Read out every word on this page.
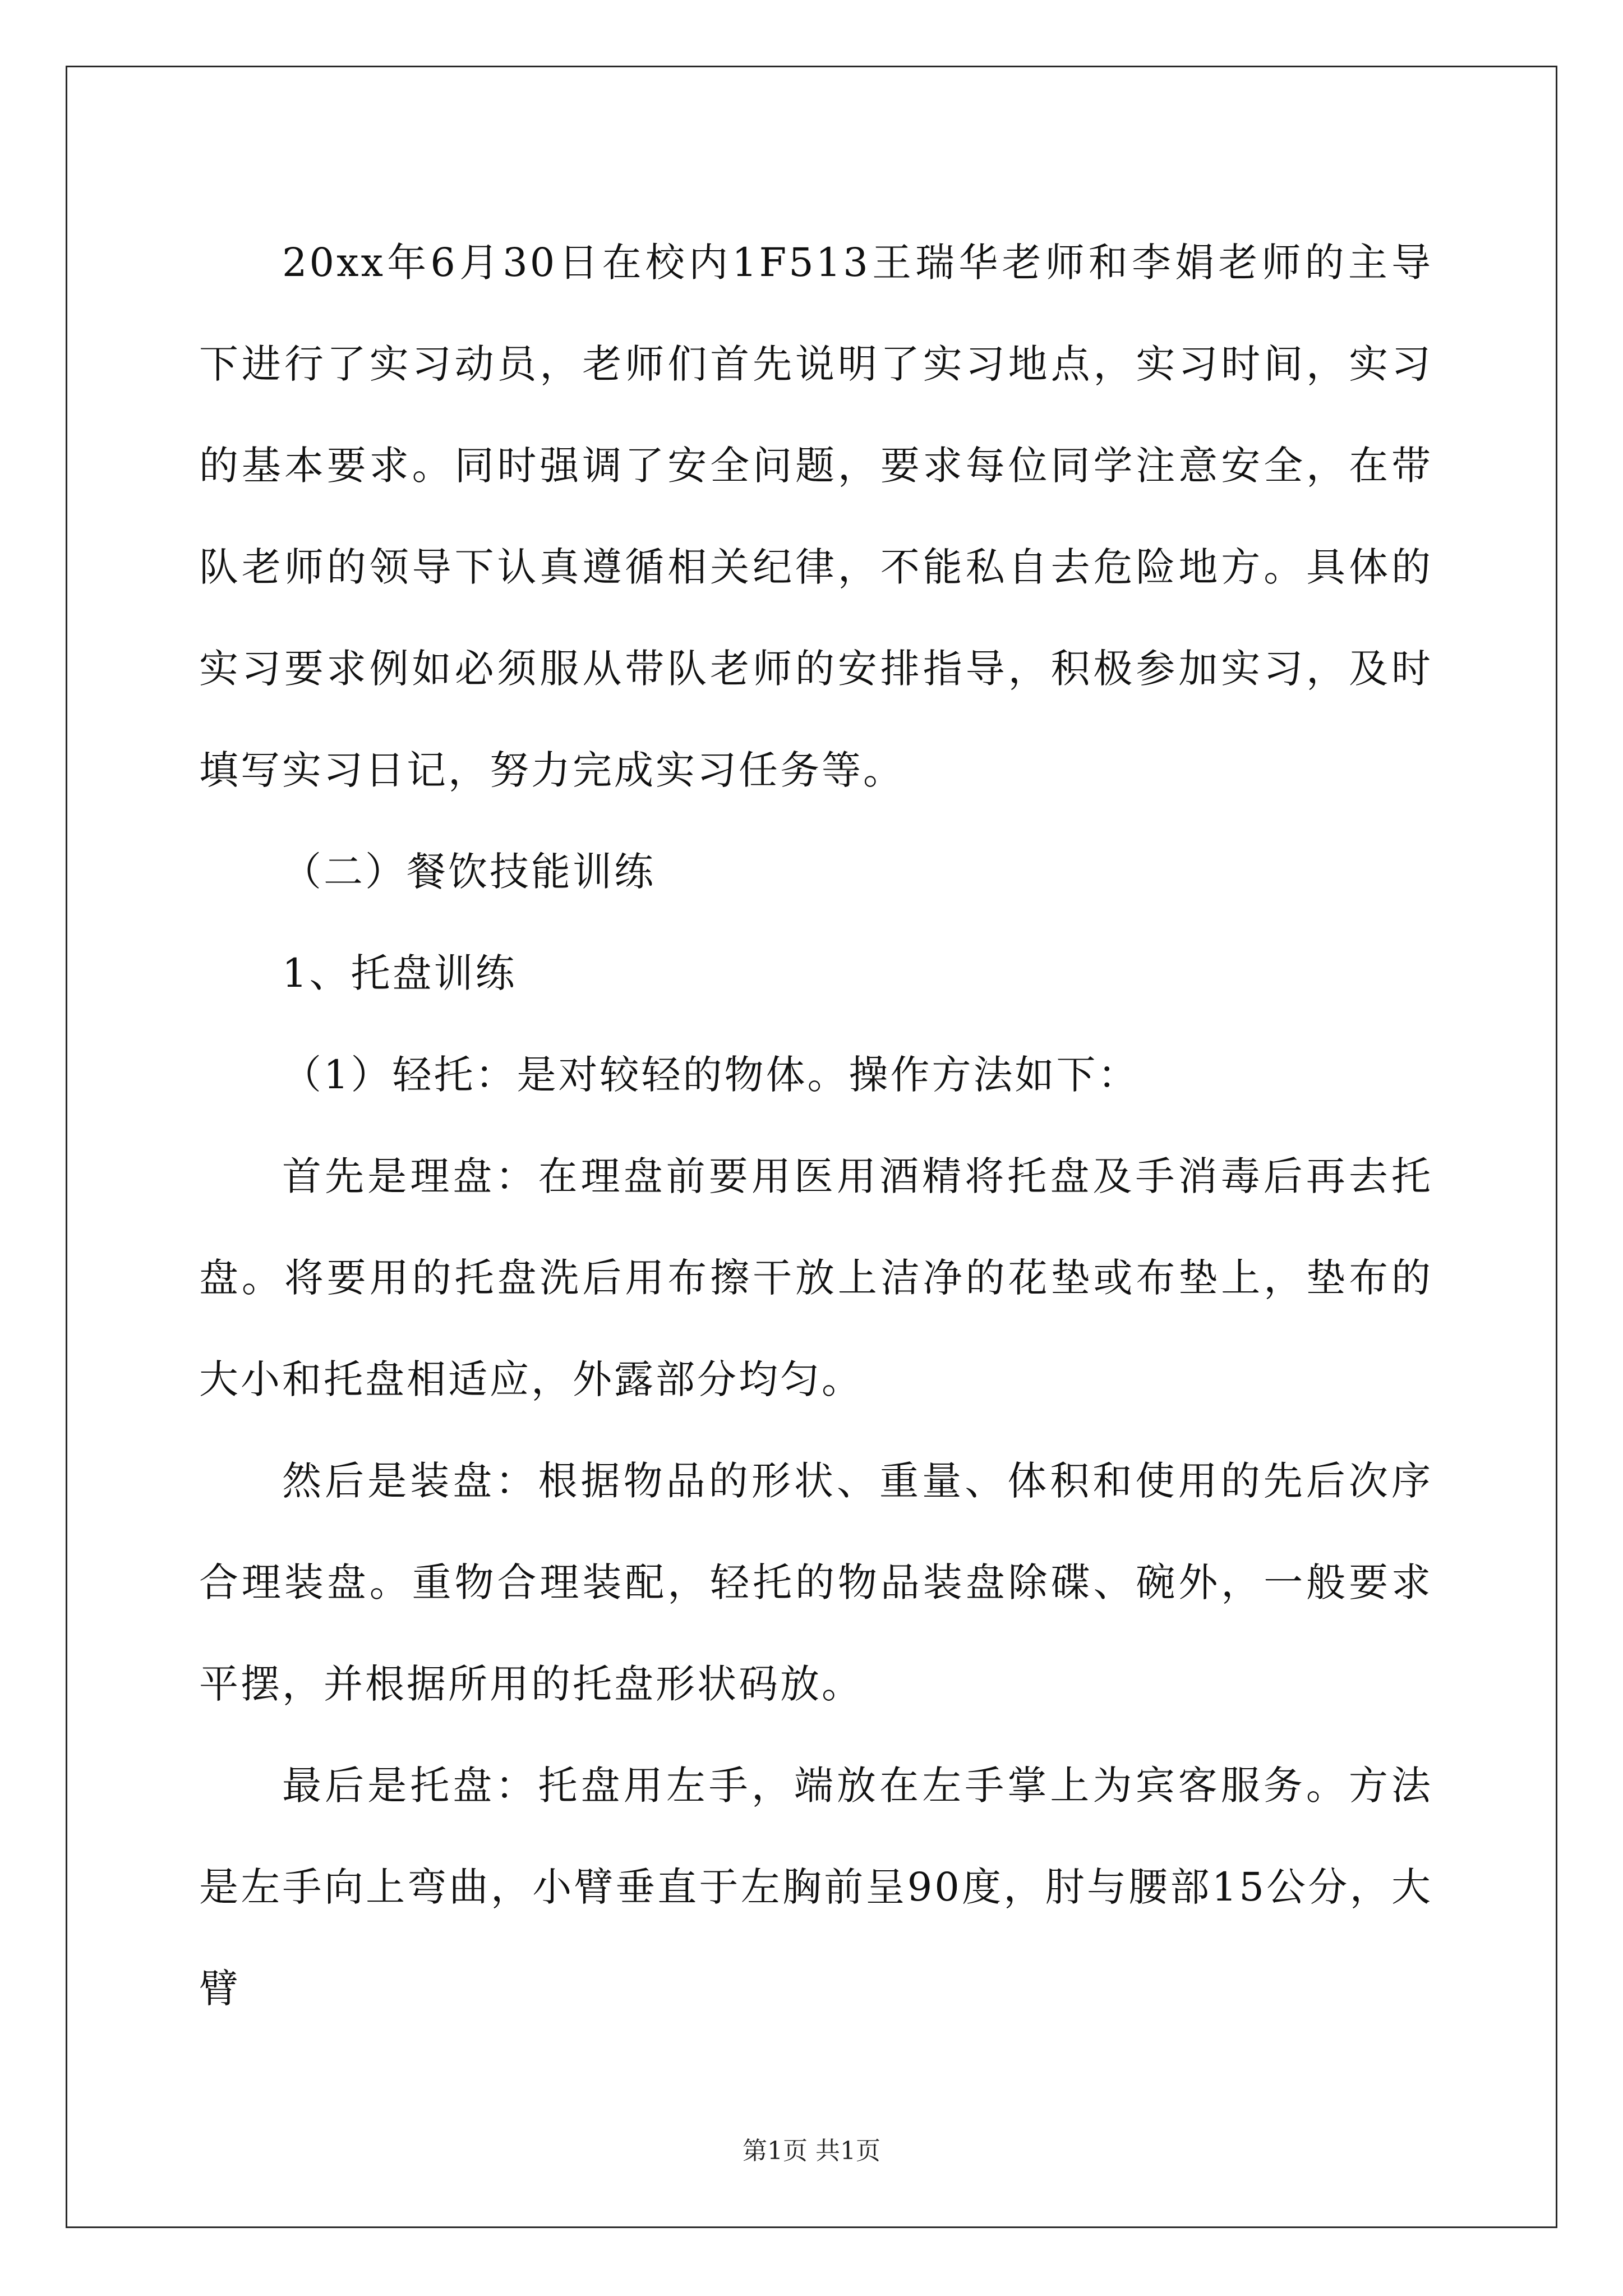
20xx年6月30日在校内1F513王瑞华老师和李娟老师的主导下进行了实习动员，老师们首先说明了实习地点，实习时间，实习的基本要求。同时强调了安全问题，要求每位同学注意安全，在带队老师的领导下认真遵循相关纪律，不能私自去危险地方。具体的实习要求例如必须服从带队老师的安排指导，积极参加实习，及时填写实习日记，努力完成实习任务等。

（二）餐饮技能训练

1、托盘训练

（1）轻托：是对较轻的物体。操作方法如下：

首先是理盘：在理盘前要用医用酒精将托盘及手消毒后再去托盘。将要用的托盘洗后用布擦干放上洁净的花垫或布垫上，垫布的大小和托盘相适应，外露部分均匀。

然后是装盘：根据物品的形状、重量、体积和使用的先后次序合理装盘。重物合理装配，轻托的物品装盘除碟、碗外，一般要求平摆，并根据所用的托盘形状码放。

最后是托盘：托盘用左手，端放在左手掌上为宾客服务。方法是左手向上弯曲，小臂垂直于左胸前呈90度，肘与腰部15公分，大臂

第1页 共1页
